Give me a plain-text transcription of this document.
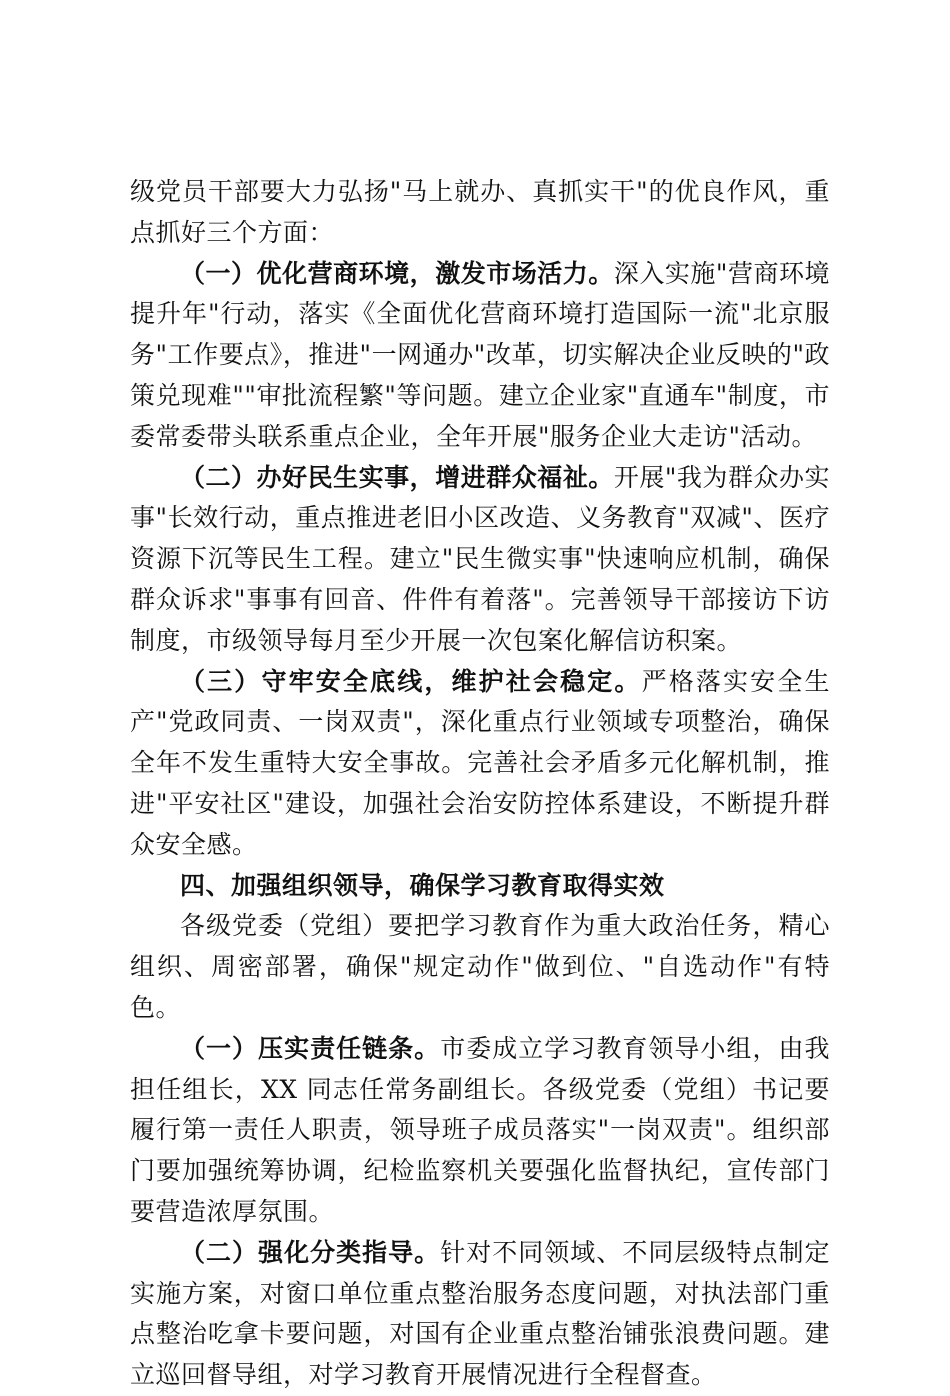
级党员干部要大力弘扬"马上就办、真抓实干"的优良作风，重点抓好三个方面：

（一）优化营商环境，激发市场活力。深入实施"营商环境提升年"行动，落实《全面优化营商环境打造国际一流"北京服务"工作要点》，推进"一网通办"改革，切实解决企业反映的"政策兑现难""审批流程繁"等问题。建立企业家"直通车"制度，市委常委带头联系重点企业，全年开展"服务企业大走访"活动。

（二）办好民生实事，增进群众福祉。开展"我为群众办实事"长效行动，重点推进老旧小区改造、义务教育"双减"、医疗资源下沉等民生工程。建立"民生微实事"快速响应机制，确保群众诉求"事事有回音、件件有着落"。完善领导干部接访下访制度，市级领导每月至少开展一次包案化解信访积案。

（三）守牢安全底线，维护社会稳定。严格落实安全生产"党政同责、一岗双责"，深化重点行业领域专项整治，确保全年不发生重特大安全事故。完善社会矛盾多元化解机制，推进"平安社区"建设，加强社会治安防控体系建设，不断提升群众安全感。

四、加强组织领导，确保学习教育取得实效

各级党委（党组）要把学习教育作为重大政治任务，精心组织、周密部署，确保"规定动作"做到位、"自选动作"有特色。

（一）压实责任链条。市委成立学习教育领导小组，由我担任组长，XX 同志任常务副组长。各级党委（党组）书记要履行第一责任人职责，领导班子成员落实"一岗双责"。组织部门要加强统筹协调，纪检监察机关要强化监督执纪，宣传部门要营造浓厚氛围。

（二）强化分类指导。针对不同领域、不同层级特点制定实施方案，对窗口单位重点整治服务态度问题，对执法部门重点整治吃拿卡要问题，对国有企业重点整治铺张浪费问题。建立巡回督导组，对学习教育开展情况进行全程督查。
